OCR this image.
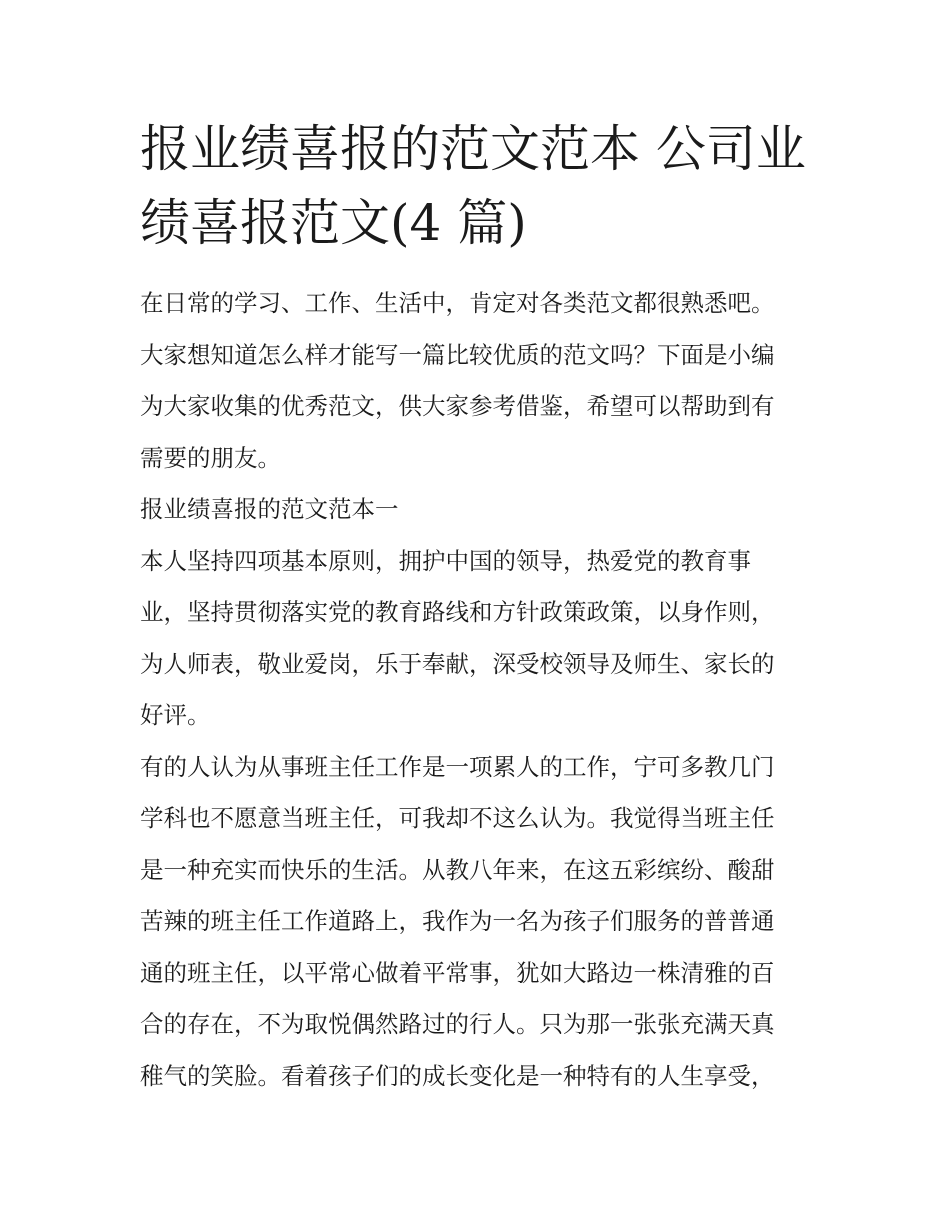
报业绩喜报的范文范本 公司业
绩喜报范文(4 篇)

在日常的学习、工作、生活中，肯定对各类范文都很熟悉吧。
大家想知道怎么样才能写一篇比较优质的范文吗？下面是小编
为大家收集的优秀范文，供大家参考借鉴，希望可以帮助到有
需要的朋友。

报业绩喜报的范文范本一

本人坚持四项基本原则，拥护中国的领导，热爱党的教育事
业，坚持贯彻落实党的教育路线和方针政策政策，以身作则，
为人师表，敬业爱岗，乐于奉献，深受校领导及师生、家长的
好评。

有的人认为从事班主任工作是一项累人的工作，宁可多教几门
学科也不愿意当班主任，可我却不这么认为。我觉得当班主任
是一种充实而快乐的生活。从教八年来，在这五彩缤纷、酸甜
苦辣的班主任工作道路上，我作为一名为孩子们服务的普普通
通的班主任，以平常心做着平常事，犹如大路边一株清雅的百
合的存在，不为取悦偶然路过的行人。只为那一张张充满天真
稚气的笑脸。看着孩子们的成长变化是一种特有的人生享受，
